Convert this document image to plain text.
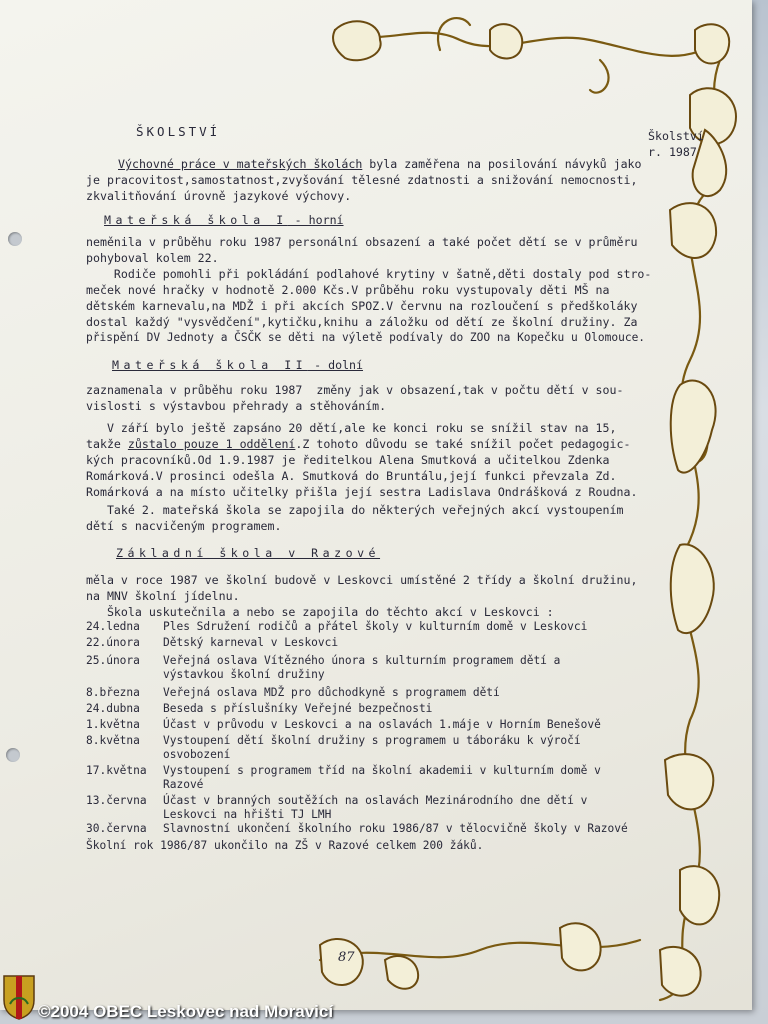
ŠKOLSTVÍ	Školství
r. 1987
Výchovné práce v mateřských školách byla zaměřena na posilování návyků jako
je pracovitost,samostatnost,zvyšování tělesné zdatnosti a snižování nemocnosti,
zkvalitňování úrovně jazykové výchovy.
Mateřská škola I - horní
neměnila v průběhu roku 1987 personální obsazení a také počet dětí se v průměru
pohyboval kolem 22.
Rodiče pomohli při pokládání podlahové krytiny v šatně,děti dostaly pod stro-
meček nové hračky v hodnotě 2.000 Kčs.V průběhu roku vystupovaly děti MŠ na
dětském karnevalu,na MDŽ i při akcích SPOZ.V červnu na rozloučení s předškoláky
dostal každý "vysvědčení",kytičku,knihu a záložku od dětí ze školní družiny. Za
přispění DV Jednoty a ČSČK se děti na výletě podívaly do ZOO na Kopečku u Olomouce.
Mateřská škola II - dolní
zaznamenala v průběhu roku 1987  změny jak v obsazení,tak v počtu dětí v sou-
vislosti s výstavbou přehrady a stěhováním.
V září bylo ještě zapsáno 20 dětí,ale ke konci roku se snížil stav na 15,
takže zůstalo pouze 1 oddělení.Z tohoto důvodu se také snížil počet pedagogic-
kých pracovníků.Od 1.9.1987 je ředitelkou Alena Smutková a učitelkou Zdenka
Romárková.V prosinci odešla A. Smutková do Bruntálu,její funkci převzala Zd.
Romárková a na místo učitelky přišla její sestra Ladislava Ondrášková z Roudna.
Také 2. mateřská škola se zapojila do některých veřejných akcí vystoupením
dětí s nacvičeným programem.
Základní škola v Razové
měla v roce 1987 ve školní budově v Leskovci umístěné 2 třídy a školní družinu,
na MNV školní jídelnu.
Škola uskutečnila a nebo se zapojila do těchto akcí v Leskovci :
24.ledna	Ples Sdružení rodičů a přátel školy v kulturním domě v Leskovci
22.února	Dětský karneval v Leskovci
25.února	Veřejná oslava Vítězného února s kulturním programem dětí a výstavkou školní družiny
8.března	Veřejná oslava MDŽ pro důchodkyně s programem dětí
24.dubna	Beseda s příslušníky Veřejné bezpečnosti
1.května	Účast v průvodu v Leskovci a na oslavách 1.máje v Horním Benešově
8.května	Vystoupení dětí školní družiny s programem u táboráku k výročí osvobození
17.května	Vystoupení s programem tříd na školní akademii v kulturním domě v Razové
13.června	Účast v branných soutěžích na oslavách Mezinárodního dne dětí v Leskovci na hřišti TJ LMH
30.června	Slavnostní ukončení školního roku 1986/87 v tělocvičně školy v Razové
Školní rok 1986/87 ukončilo na ZŠ v Razové celkem 200 žáků.
87
©2004 OBEC Leskovec nad Moravicí
